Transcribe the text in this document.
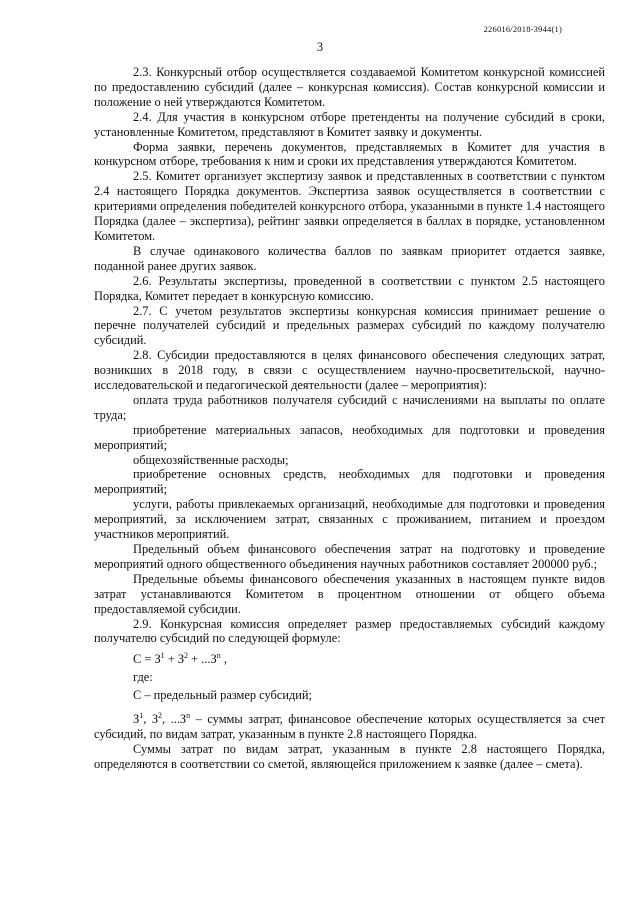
226016/2018-3944(1)
3

2.3. Конкурсный отбор осуществляется создаваемой Комитетом конкурсной комиссией по предоставлению субсидий (далее – конкурсная комиссия). Состав конкурсной комиссии и положение о ней утверждаются Комитетом.

2.4. Для участия в конкурсном отборе претенденты на получение субсидий в сроки, установленные Комитетом, представляют в Комитет заявку и документы.

Форма заявки, перечень документов, представляемых в Комитет для участия в конкурсном отборе, требования к ним и сроки их представления утверждаются Комитетом.

2.5. Комитет организует экспертизу заявок и представленных в соответствии с пунктом 2.4 настоящего Порядка документов. Экспертиза заявок осуществляется в соответствии с критериями определения победителей конкурсного отбора, указанными в пункте 1.4 настоящего Порядка (далее – экспертиза), рейтинг заявки определяется в баллах в порядке, установленном Комитетом.

В случае одинакового количества баллов по заявкам приоритет отдается заявке, поданной ранее других заявок.

2.6. Результаты экспертизы, проведенной в соответствии с пунктом 2.5 настоящего Порядка, Комитет передает в конкурсную комиссию.

2.7. С учетом результатов экспертизы конкурсная комиссия принимает решение о перечне получателей субсидий и предельных размерах субсидий по каждому получателю субсидий.

2.8. Субсидии предоставляются в целях финансового обеспечения следующих затрат, возникших в 2018 году, в связи с осуществлением научно-просветительской, научно-исследовательской и педагогической деятельности (далее – мероприятия):

оплата труда работников получателя субсидий с начислениями на выплаты по оплате труда;

приобретение материальных запасов, необходимых для подготовки и проведения мероприятий;

общехозяйственные расходы;

приобретение основных средств, необходимых для подготовки и проведения мероприятий;

услуги, работы привлекаемых организаций, необходимые для подготовки и проведения мероприятий, за исключением затрат, связанных с проживанием, питанием и проездом участников мероприятий.

Предельный объем финансового обеспечения затрат на подготовку и проведение мероприятий одного общественного объединения научных работников составляет 200000 руб.;

Предельные объемы финансового обеспечения указанных в настоящем пункте видов затрат устанавливаются Комитетом в процентном отношении от общего объема предоставляемой субсидии.

2.9. Конкурсная комиссия определяет размер предоставляемых субсидий каждому получателю субсидий по следующей формуле:

$С = З^1 + З^2 + ...З^n$ ,

где:

С – предельный размер субсидий;

$З^1$, $З^2$, $...З^n$ – суммы затрат, финансовое обеспечение которых осуществляется за счет субсидий, по видам затрат, указанным в пункте 2.8 настоящего Порядка.

Суммы затрат по видам затрат, указанным в пункте 2.8 настоящего Порядка, определяются в соответствии со сметой, являющейся приложением к заявке (далее – смета).
